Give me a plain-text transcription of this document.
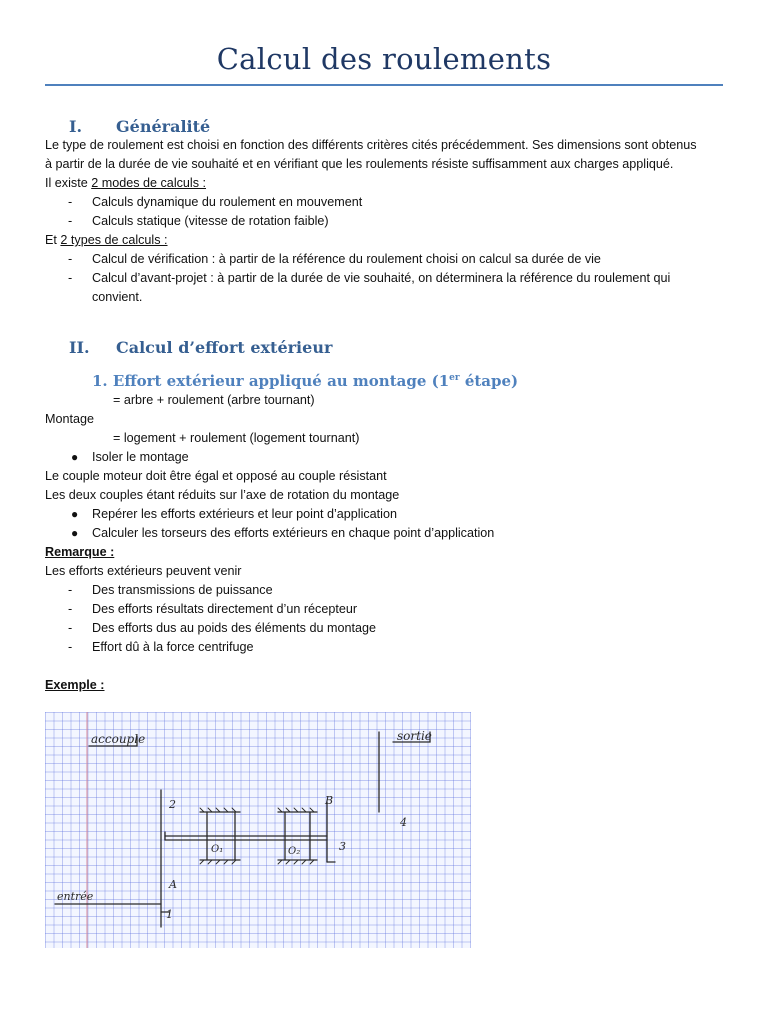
Calcul des roulements
I. Généralité
Le type de roulement est choisi en fonction des différents critères cités précédemment. Ses dimensions sont obtenus
à partir de la durée de vie souhaité et en vérifiant que les roulements résiste suffisamment aux charges appliqué.
Il existe 2 modes de calculs :
- Calculs dynamique du roulement en mouvement
- Calculs statique (vitesse de rotation faible)
Et 2 types de calculs :
- Calcul de vérification : à partir de la référence du roulement choisi on calcul sa durée de vie
- Calcul d’avant-projet : à partir de la durée de vie souhaité, on déterminera la référence du roulement qui
convient.
II. Calcul d’effort extérieur
1. Effort extérieur appliqué au montage (1er étape)
= arbre + roulement (arbre tournant)
Montage
= logement + roulement (logement tournant)
● Isoler le montage
Le couple moteur doit être égal et opposé au couple résistant
Les deux couples étant réduits sur l’axe de rotation du montage
● Repérer les efforts extérieurs et leur point d’application
● Calculer les torseurs des efforts extérieurs en chaque point d’application
Remarque :
Les efforts extérieurs peuvent venir
- Des transmissions de puissance
- Des efforts résultats directement d’un récepteur
- Des efforts dus au poids des éléments du montage
- Effort dû à la force centrifuge
Exemple :
accouple	sortie
entrée
2	B
3
4
A
1
O₁	O₂
